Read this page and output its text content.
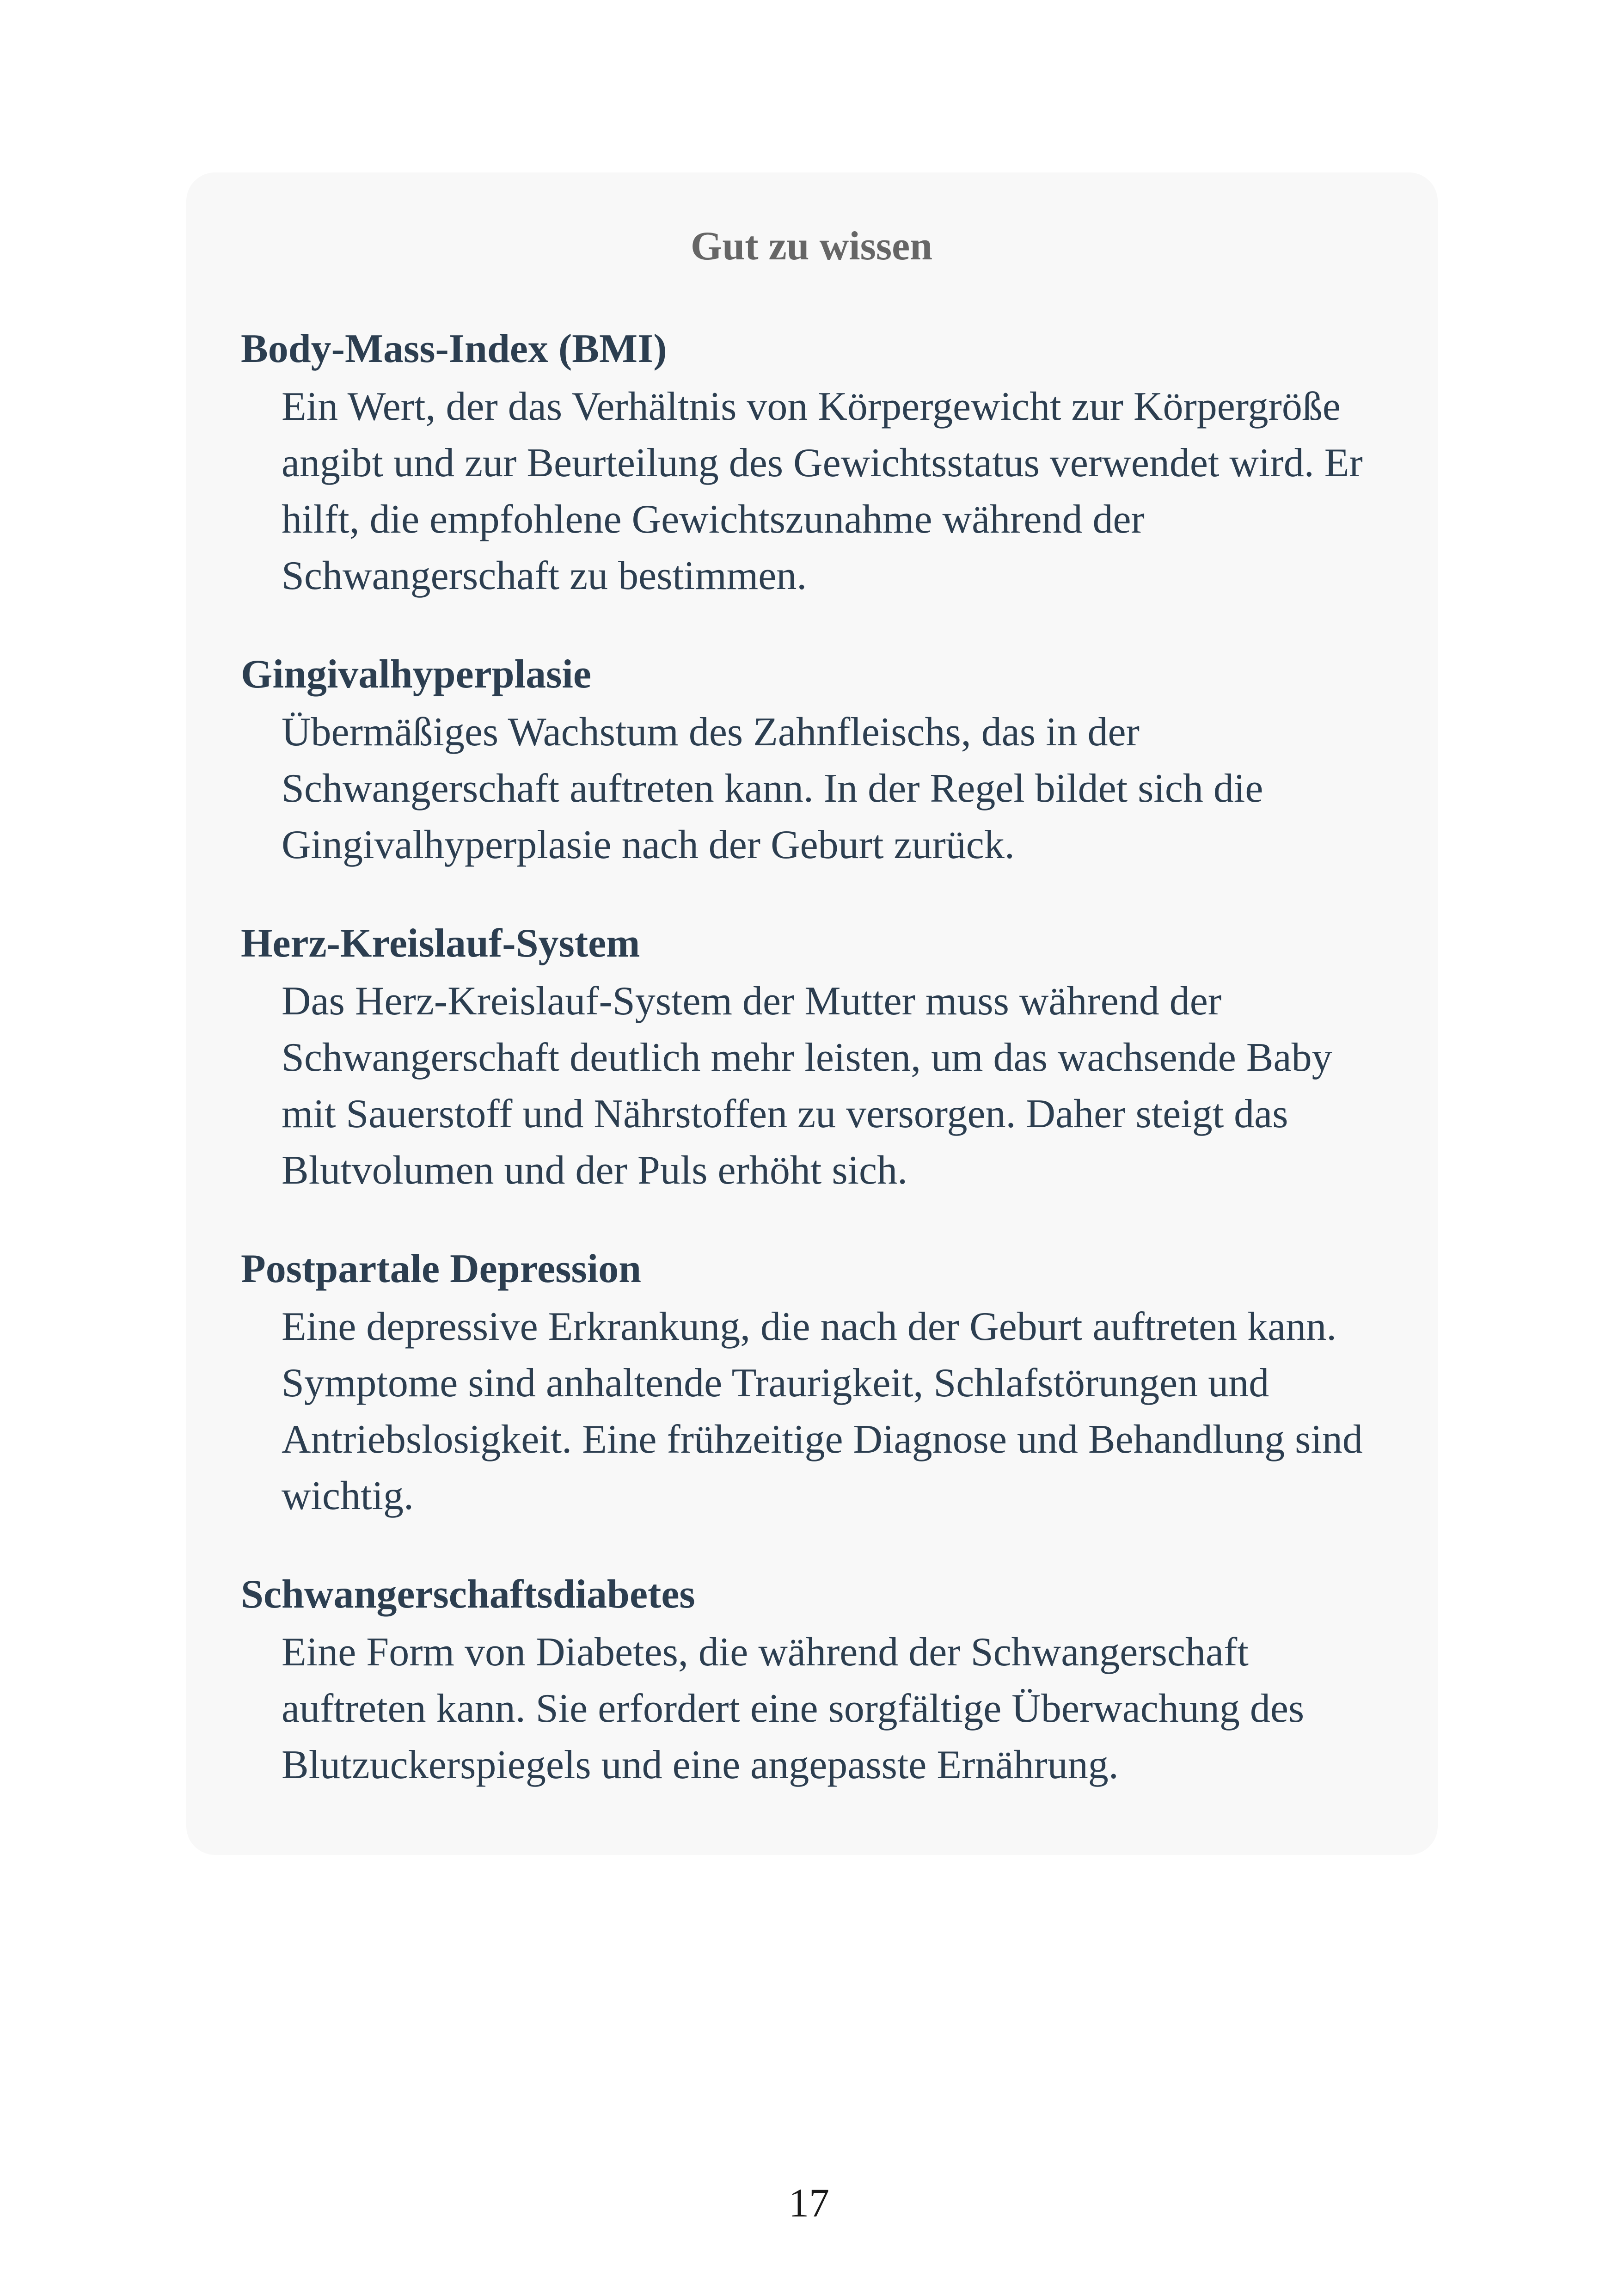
Gut zu wissen
Body-Mass-Index (BMI)

Ein Wert, der das Verhältnis von Körpergewicht zur Körpergröße angibt und zur Beurteilung des Gewichtsstatus verwendet wird. Er hilft, die empfohlene Gewichtszunahme während der Schwangerschaft zu bestimmen.

Gingivalhyperplasie

Übermäßiges Wachstum des Zahnfleischs, das in der Schwangerschaft auftreten kann. In der Regel bildet sich die Gingivalhyperplasie nach der Geburt zurück.

Herz-Kreislauf-System

Das Herz-Kreislauf-System der Mutter muss während der Schwangerschaft deutlich mehr leisten, um das wachsende Baby mit Sauerstoff und Nährstoffen zu versorgen. Daher steigt das Blutvolumen und der Puls erhöht sich.

Postpartale Depression

Eine depressive Erkrankung, die nach der Geburt auftreten kann. Symptome sind anhaltende Traurigkeit, Schlafstörungen und Antriebslosigkeit. Eine frühzeitige Diagnose und Behandlung sind wichtig.

Schwangerschaftsdiabetes

Eine Form von Diabetes, die während der Schwangerschaft auftreten kann. Sie erfordert eine sorgfältige Überwachung des Blutzuckerspiegels und eine angepasste Ernährung.

17
